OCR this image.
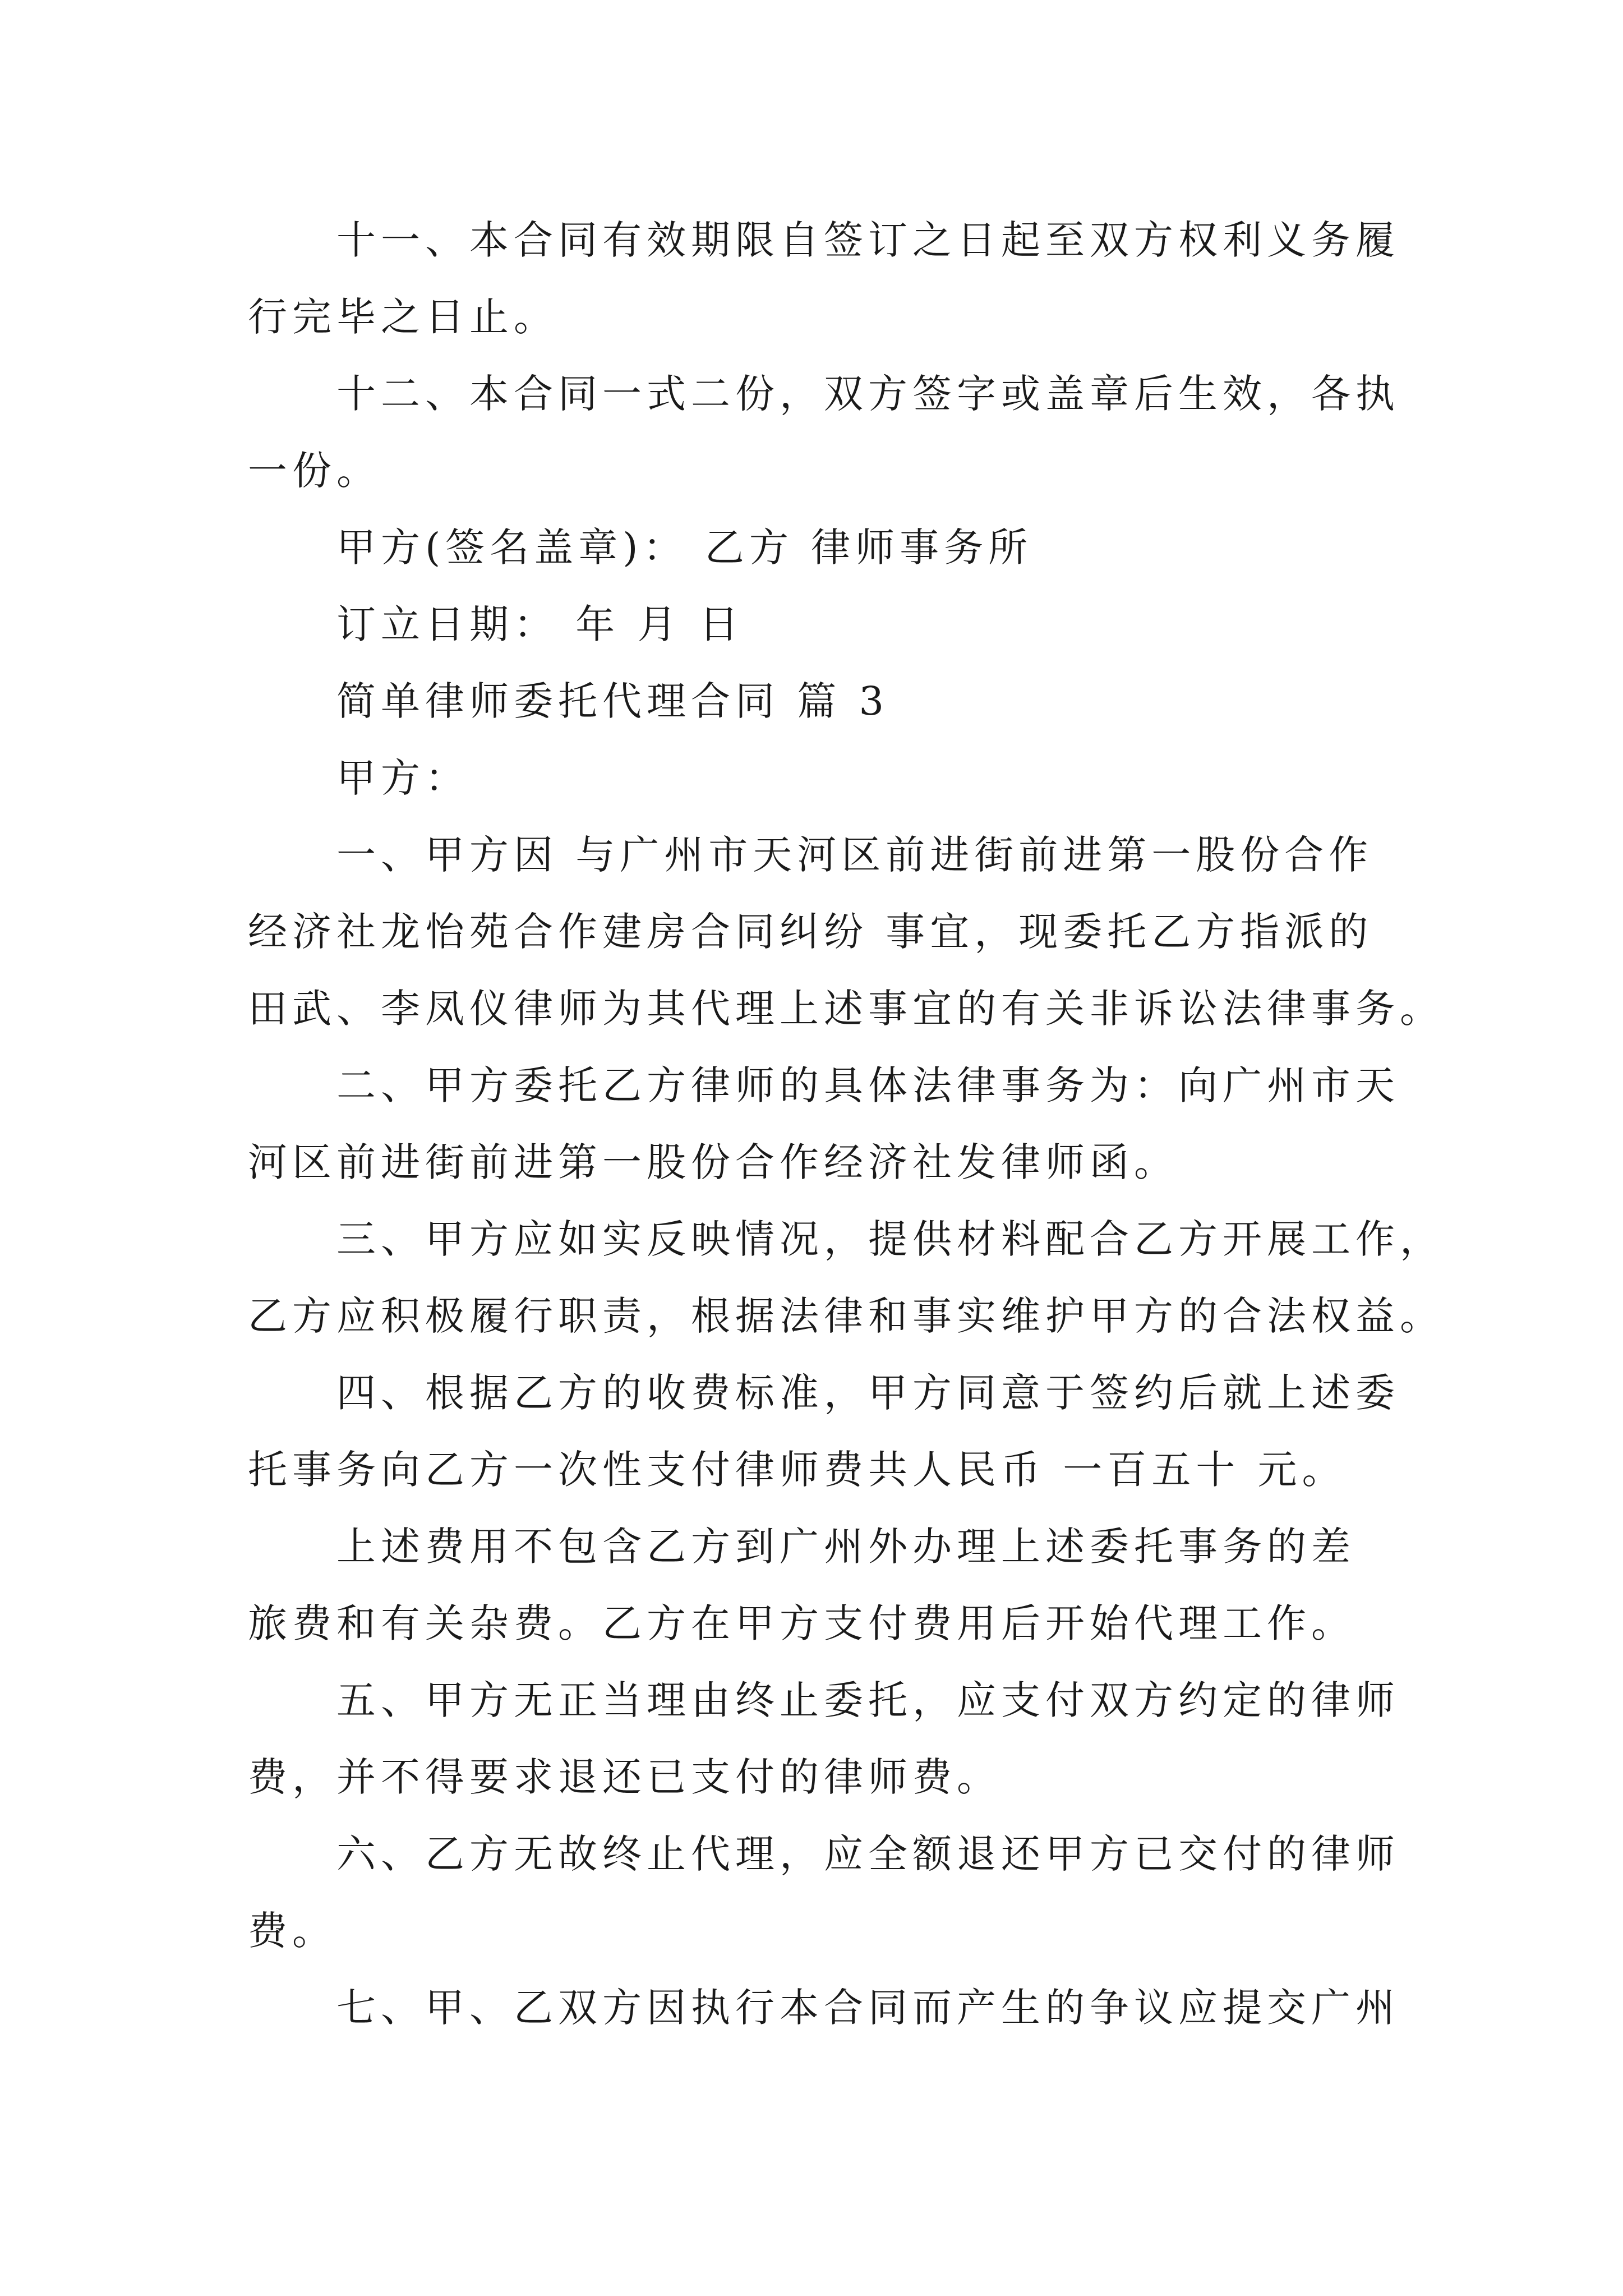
十一、本合同有效期限自签订之日起至双方权利义务履
行完毕之日止。
十二、本合同一式二份，双方签字或盖章后生效，各执
一份。
甲方(签名盖章)： 乙方 律师事务所
订立日期： 年 月 日
简单律师委托代理合同 篇 3
甲方：
一、甲方因 与广州市天河区前进街前进第一股份合作
经济社龙怡苑合作建房合同纠纷 事宜，现委托乙方指派的
田武、李凤仪律师为其代理上述事宜的有关非诉讼法律事务。
二、甲方委托乙方律师的具体法律事务为：向广州市天
河区前进街前进第一股份合作经济社发律师函。
三、甲方应如实反映情况，提供材料配合乙方开展工作，
乙方应积极履行职责，根据法律和事实维护甲方的合法权益。
四、根据乙方的收费标准，甲方同意于签约后就上述委
托事务向乙方一次性支付律师费共人民币 一百五十 元。
上述费用不包含乙方到广州外办理上述委托事务的差
旅费和有关杂费。乙方在甲方支付费用后开始代理工作。
五、甲方无正当理由终止委托，应支付双方约定的律师
费，并不得要求退还已支付的律师费。
六、乙方无故终止代理，应全额退还甲方已交付的律师
费。
七、甲、乙双方因执行本合同而产生的争议应提交广州
